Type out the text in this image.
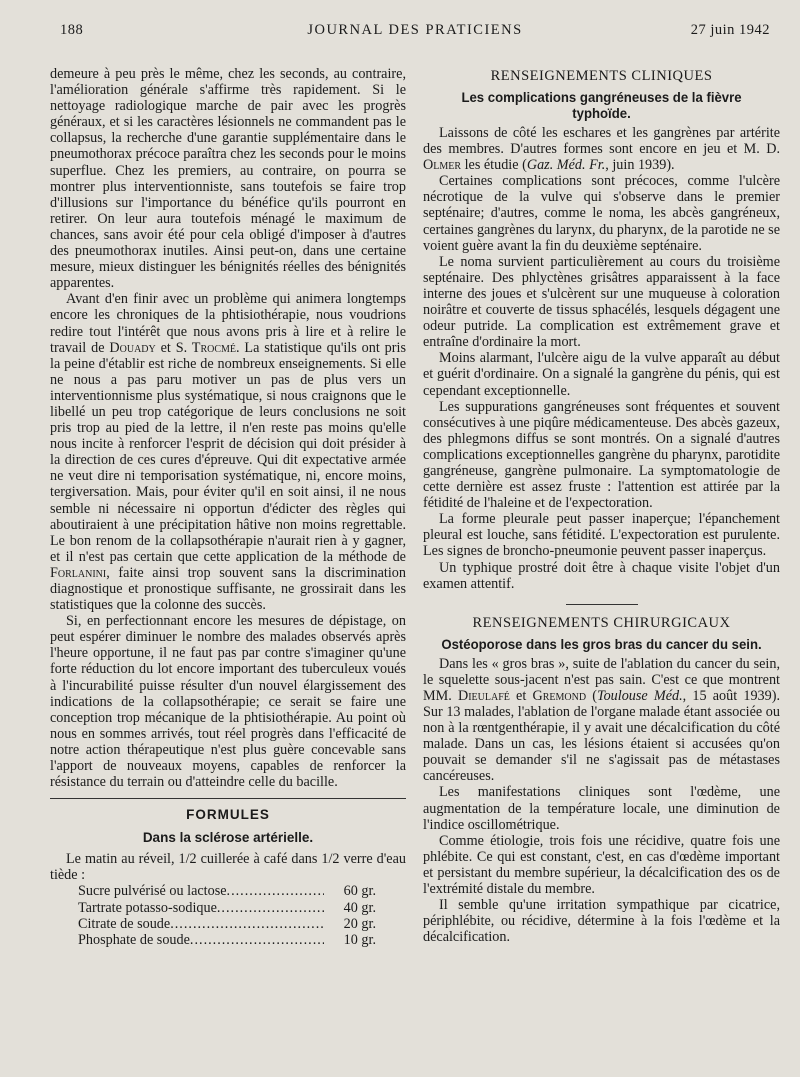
188	JOURNAL DES PRATICIENS	27 juin 1942

demeure à peu près le même, chez les seconds, au contraire, l'amélioration générale s'affirme très rapidement. Si le nettoyage radiologique marche de pair avec les progrès généraux, et si les caractères lésionnels ne commandent pas le collapsus, la recherche d'une garantie supplémentaire dans le pneumothorax précoce paraîtra chez les seconds pour le moins superflue. Chez les premiers, au contraire, on pourra se montrer plus interventionniste, sans toutefois se faire trop d'illusions sur l'importance du bénéfice qu'ils pourront en retirer. On leur aura toutefois ménagé le maximum de chances, sans avoir été pour cela obligé d'imposer à d'autres des pneumothorax inutiles. Ainsi peut-on, dans une certaine mesure, mieux distinguer les bénignités réelles des bénignités apparentes.

Avant d'en finir avec un problème qui animera longtemps encore les chroniques de la phtisiothérapie, nous voudrions redire tout l'intérêt que nous avons pris à lire et à relire le travail de Douady et S. Trocmé. La statistique qu'ils ont pris la peine d'établir est riche de nombreux enseignements. Si elle ne nous a pas paru motiver un pas de plus vers un interventionnisme plus systématique, si nous craignons que le libellé un peu trop catégorique de leurs conclusions ne soit pris trop au pied de la lettre, il n'en reste pas moins qu'elle nous incite à renforcer l'esprit de décision qui doit présider à la direction de ces cures d'épreuve. Qui dit expectative armée ne veut dire ni temporisation systématique, ni, encore moins, tergiversation. Mais, pour éviter qu'il en soit ainsi, il ne nous semble ni nécessaire ni opportun d'édicter des règles qui aboutiraient à une précipitation hâtive non moins regrettable. Le bon renom de la collapsothérapie n'aurait rien à y gagner, et il n'est pas certain que cette application de la méthode de Forlanini, faite ainsi trop souvent sans la discrimination diagnostique et pronostique suffisante, ne grossirait dans les statistiques que la colonne des succès.

Si, en perfectionnant encore les mesures de dépistage, on peut espérer diminuer le nombre des malades observés après l'heure opportune, il ne faut pas par contre s'imaginer qu'une forte réduction du lot encore important des tuberculeux voués à l'incurabilité puisse résulter d'un nouvel élargissement des indications de la collapsothérapie; ce serait se faire une conception trop mécanique de la phtisiothérapie. Au point où nous en sommes arrivés, tout réel progrès dans l'efficacité de notre action thérapeutique n'est plus guère concevable sans l'apport de nouveaux moyens, capables de renforcer la résistance du terrain ou d'atteindre celle du bacille.

FORMULES
Dans la sclérose artérielle.

Le matin au réveil, 1/2 cuillerée à café dans 1/2 verre d'eau tiède :

Sucre pulvérisé ou lactose .....	60 gr.
Tartrate potasso-sodique .....	40 gr.
Citrate de soude .....	20 gr.
Phosphate de soude .....	10 gr.
RENSEIGNEMENTS CLINIQUES
Les complications gangréneuses de la fièvre typhoïde.

Laissons de côté les eschares et les gangrènes par artérite des membres. D'autres formes sont encore en jeu et M. D. Olmer les étudie (Gaz. Méd. Fr., juin 1939).

Certaines complications sont précoces, comme l'ulcère nécrotique de la vulve qui s'observe dans le premier septénaire; d'autres, comme le noma, les abcès gangréneux, certaines gangrènes du larynx, du pharynx, de la parotide ne se voient guère avant la fin du deuxième septénaire.

Le noma survient particulièrement au cours du troisième septénaire. Des phlyctènes grisâtres apparaissent à la face interne des joues et s'ulcèrent sur une muqueuse à coloration noirâtre et couverte de tissus sphacélés, lesquels dégagent une odeur putride. La complication est extrêmement grave et entraîne d'ordinaire la mort.

Moins alarmant, l'ulcère aigu de la vulve apparaît au début et guérit d'ordinaire. On a signalé la gangrène du pénis, qui est cependant exceptionnelle.

Les suppurations gangréneuses sont fréquentes et souvent consécutives à une piqûre médicamenteuse. Des abcès gazeux, des phlegmons diffus se sont montrés. On a signalé d'autres complications exceptionnelles gangrène du pharynx, parotidite gangréneuse, gangrène pulmonaire. La symptomatologie de cette dernière est assez fruste : l'attention est attirée par la fétidité de l'haleine et de l'expectoration.

La forme pleurale peut passer inaperçue; l'épanchement pleural est louche, sans fétidité. L'expectoration est purulente. Les signes de broncho-pneumonie peuvent passer inaperçus.

Un typhique prostré doit être à chaque visite l'objet d'un examen attentif.

RENSEIGNEMENTS CHIRURGICAUX
Ostéoporose dans les gros bras du cancer du sein.

Dans les « gros bras », suite de l'ablation du cancer du sein, le squelette sous-jacent n'est pas sain. C'est ce que montrent MM. Dieulafé et Gremond (Toulouse Méd., 15 août 1939). Sur 13 malades, l'ablation de l'organe malade étant associée ou non à la rœntgenthérapie, il y avait une décalcification du côté malade. Dans un cas, les lésions étaient si accusées qu'on pouvait se demander s'il ne s'agissait pas de métastases cancéreuses.

Les manifestations cliniques sont l'œdème, une augmentation de la température locale, une diminution de l'indice oscillométrique.

Comme étiologie, trois fois une récidive, quatre fois une phlébite. Ce qui est constant, c'est, en cas d'œdème important et persistant du membre supérieur, la décalcification des os de l'extrémité distale du membre.

Il semble qu'une irritation sympathique par cicatrice, périphlébite, ou récidive, détermine à la fois l'œdème et la décalcification.
